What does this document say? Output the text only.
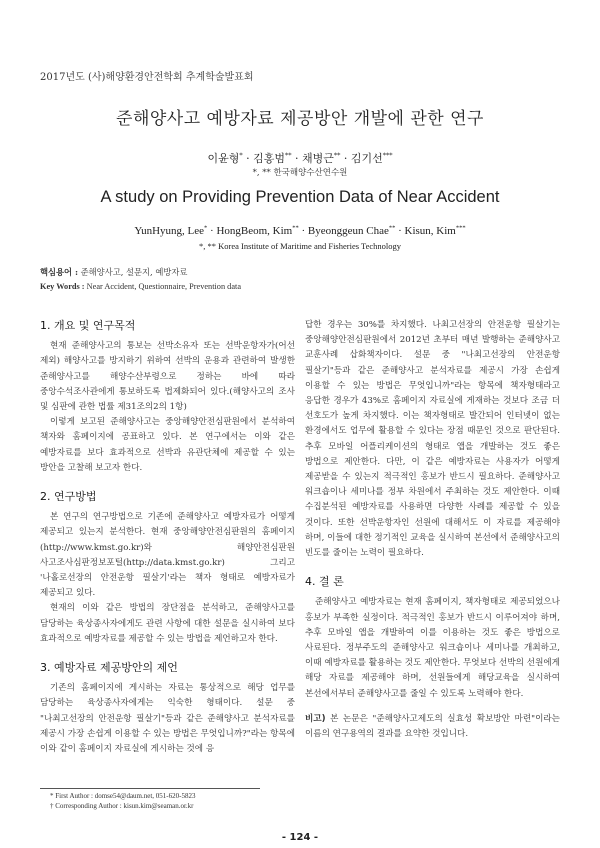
2017년도 (사)해양환경안전학회 추계학술발표회
준해양사고 예방자료 제공방안 개발에 관한 연구
이윤형* · 김홍범** · 채병근** · 김기선***
*, ** 한국해양수산연수원
A study on Providing Prevention Data of Near Accident
YunHyung, Lee* · HongBeom, Kim** · Byeonggeun Chae** · Kisun, Kim***
*, ** Korea Institute of Maritime and Fisheries Technology
핵심용어 : 준해양사고, 설문지, 예방자료
Key Words : Near Accident, Questionnaire, Prevention data
1. 개요 및 연구목적

현재 준해양사고의 통보는 선박소유자 또는 선박운항자가(어선 제외) 해양사고를 방지하기 위하여 선박의 운용과 관련하여 발생한 준해양사고를 해양수산부령으로 정하는 바에 따라 중앙수석조사관에게 통보하도록 법제화되어 있다.(해양사고의 조사 및 심판에 관한 법률 제31조의2의 1항)

이렇게 보고된 준해양사고는 중앙해양안전심판원에서 분석하여 책자와 홈페이지에 공표하고 있다. 본 연구에서는 이와 같은 예방자료를 보다 효과적으로 선박과 유관단체에 제공할 수 있는 방안을 고찰해 보고자 한다.

2. 연구방법

본 연구의 연구방법으로 기존에 준해양사고 예방자료가 어떻게 제공되고 있는지 분석한다. 현재 중앙해양안전심판원의 홈페이지(http://www.kmst.go.kr)와 해양안전심판원 사고조사심판정보포털(http://data.kmst.go.kr) 그리고 '나홀로선장의 안전운항 필살기'라는 책자 형태로 예방자료가 제공되고 있다.

현재의 이와 같은 방법의 장단점을 분석하고, 준해양사고를 담당하는 육상종사자에게도 관련 사항에 대한 설문을 실시하여 보다 효과적으로 예방자료를 제공할 수 있는 방법을 제언하고자 한다.

3. 예방자료 제공방안의 제언

기존의 홈페이지에 게시하는 자료는 통상적으로 해당 업무를 담당하는 육상종사자에게는 익숙한 형태이다. 설문 중 "나최고선장의 안전운항 필살기"등과 같은 준해양사고 분석자료를 제공시 가장 손쉽게 이용할 수 있는 방법은 무엇입니까?"라는 항목에 이와 같이 홈페이지 자료실에 게시하는 것에 응

답한 경우는 30%를 차지했다. 나최고선장의 안전운항 필살기는 중앙해양안전심판원에서 2012년 초부터 매년 발행하는 준해양사고 교훈사례 삽화책자이다. 설문 중 "나최고선장의 안전운항 필살기"등과 같은 준해양사고 분석자료를 제공시 가장 손쉽게 이용할 수 있는 방법은 무엇입니까"라는 항목에 책자형태라고 응답한 경우가 43%로 홈페이지 자료실에 게재하는 것보다 조금 더 선호도가 높게 차지했다. 이는 책자형태로 발간되어 인터넷이 없는 환경에서도 업무에 활용할 수 있다는 장점 때문인 것으로 판단된다. 추후 모바일 어플리케이션의 형태로 앱을 개발하는 것도 좋은 방법으로 제안한다. 다만, 이 같은 예방자료는 사용자가 어떻게 제공받을 수 있는지 적극적인 홍보가 반드시 필요하다. 준해양사고 워크숍이나 세미나를 정부 차원에서 주최하는 것도 제안한다. 이때 수집분석된 예방자료를 사용하면 다양한 사례를 제공할 수 있을 것이다. 또한 선박운항자인 선원에 대해서도 이 자료를 제공해야 하며, 이들에 대한 정기적인 교육을 실시하여 본선에서 준해양사고의 빈도를 줄이는 노력이 필요하다.

4. 결 론

준해양사고 예방자료는 현재 홈페이지, 책자형태로 제공되었으나 홍보가 부족한 실정이다. 적극적인 홍보가 반드시 이루어져야 하며, 추후 모바일 앱을 개발하여 이를 이용하는 것도 좋은 방법으로 사료된다. 정부주도의 준해양사고 워크숍이나 세미나를 개최하고, 이때 예방자료를 활용하는 것도 제안한다. 무엇보다 선박의 선원에게 해당 자료를 제공해야 하며, 선원들에게 해당교육을 실시하여 본선에서부터 준해양사고를 줄일 수 있도록 노력해야 한다.

비고) 본 논문은 "준해양사고제도의 실효성 확보방안 마련"이라는 이름의 연구용역의 결과를 요약한 것입니다.

* First Author : domse54@daum.net, 051-620-5823
† Corresponding Author : kisun.kim@seaman.or.kr
- 124 -
